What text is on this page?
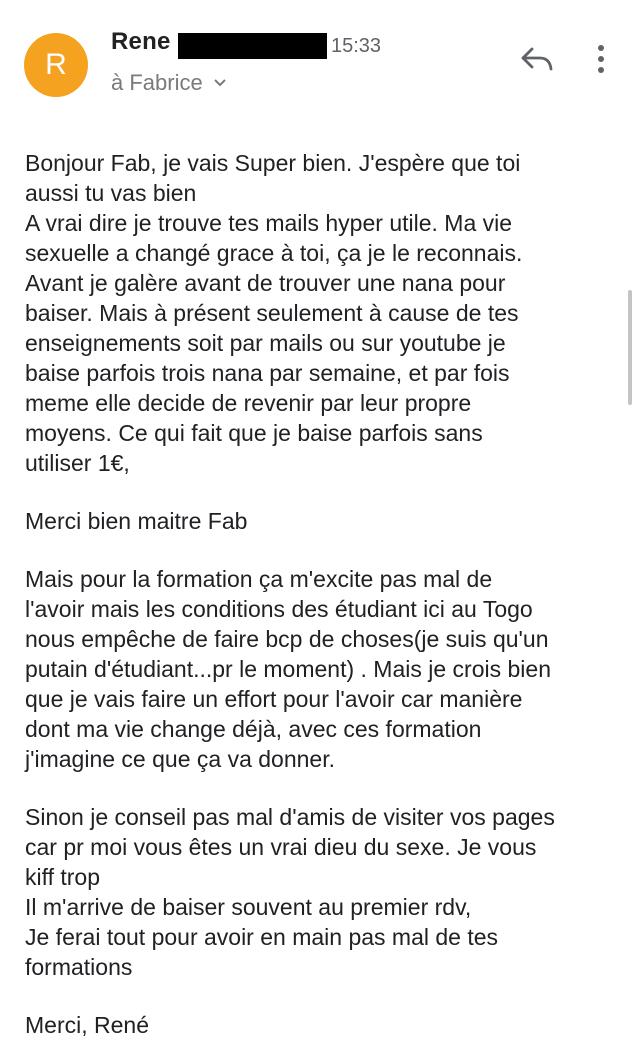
R
Rene	15:33
à Fabrice

Bonjour Fab, je vais Super bien. J'espère que toi
aussi tu vas bien
A vrai dire je trouve tes mails hyper utile. Ma vie
sexuelle a changé grace à toi, ça je le reconnais.
Avant je galère avant de trouver une nana pour
baiser. Mais à présent seulement à cause de tes
enseignements soit par mails ou sur youtube je
baise parfois trois nana par semaine, et par fois
meme elle decide de revenir par leur propre
moyens. Ce qui fait que je baise parfois sans
utiliser 1€,

Merci bien maitre Fab

Mais pour la formation ça m'excite pas mal de
l'avoir mais les conditions des étudiant ici au Togo
nous empêche de faire bcp de choses(je suis qu'un
putain d'étudiant...pr le moment) . Mais je crois bien
que je vais faire un effort pour l'avoir car manière
dont ma vie change déjà, avec ces formation
j'imagine ce que ça va donner.

Sinon je conseil pas mal d'amis de visiter vos pages
car pr moi vous êtes un vrai dieu du sexe. Je vous
kiff trop
Il m'arrive de baiser souvent au premier rdv,
Je ferai tout pour avoir en main pas mal de tes
formations

Merci, René
